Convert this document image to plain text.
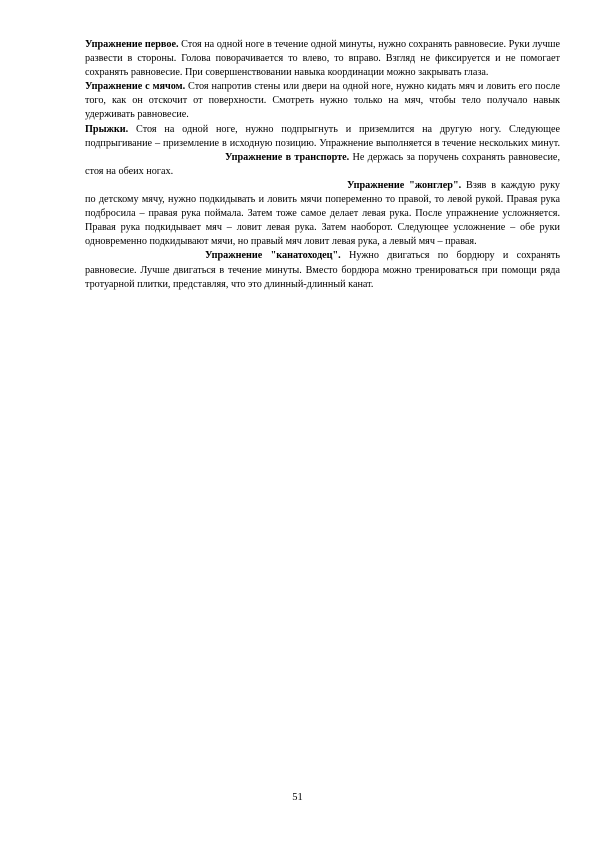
Упражнение первое. Стоя на одной ноге в течение одной минуты, нужно сохранять равновесие. Руки лучше развести в стороны. Голова поворачивается то влево, то вправо. Взгляд не фиксируется и не помогает сохранять равновесие. При совершенствовании навыка координации можно закрывать глаза.

Упражнение с мячом. Стоя напротив стены или двери на одной ноге, нужно кидать мяч и ловить его после того, как он отскочит от поверхности. Смотреть нужно только на мяч, чтобы тело получало навык удерживать равновесие.

Прыжки. Стоя на одной ноге, нужно подпрыгнуть и приземлится на другую ногу. Следующее подпрыгивание – приземление в исходную позицию. Упражнение выполняется в течение нескольких минут.Упражнение в транспорте. Не держась за поручень сохранять равновесие, стоя на обеих ногах.

Упражнение "жонглер". Взяв в каждую руку по детскому мячу, нужно подкидывать и ловить мячи попеременно то правой, то левой рукой. Правая рука подбросила – правая рука поймала. Затем тоже самое делает левая рука. После упражнение усложняется. Правая рука подкидывает мяч – ловит левая рука. Затем наоборот. Следующее усложнение – обе руки одновременно подкидывают мячи, но правый мяч ловит левая рука, а левый мяч – правая.

Упражнение "канатоходец". Нужно двигаться по бордюру и сохранять равновесие. Лучше двигаться в течение минуты. Вместо бордюра можно тренироваться при помощи ряда тротуарной плитки, представляя, что это длинный-длинный канат.

51
